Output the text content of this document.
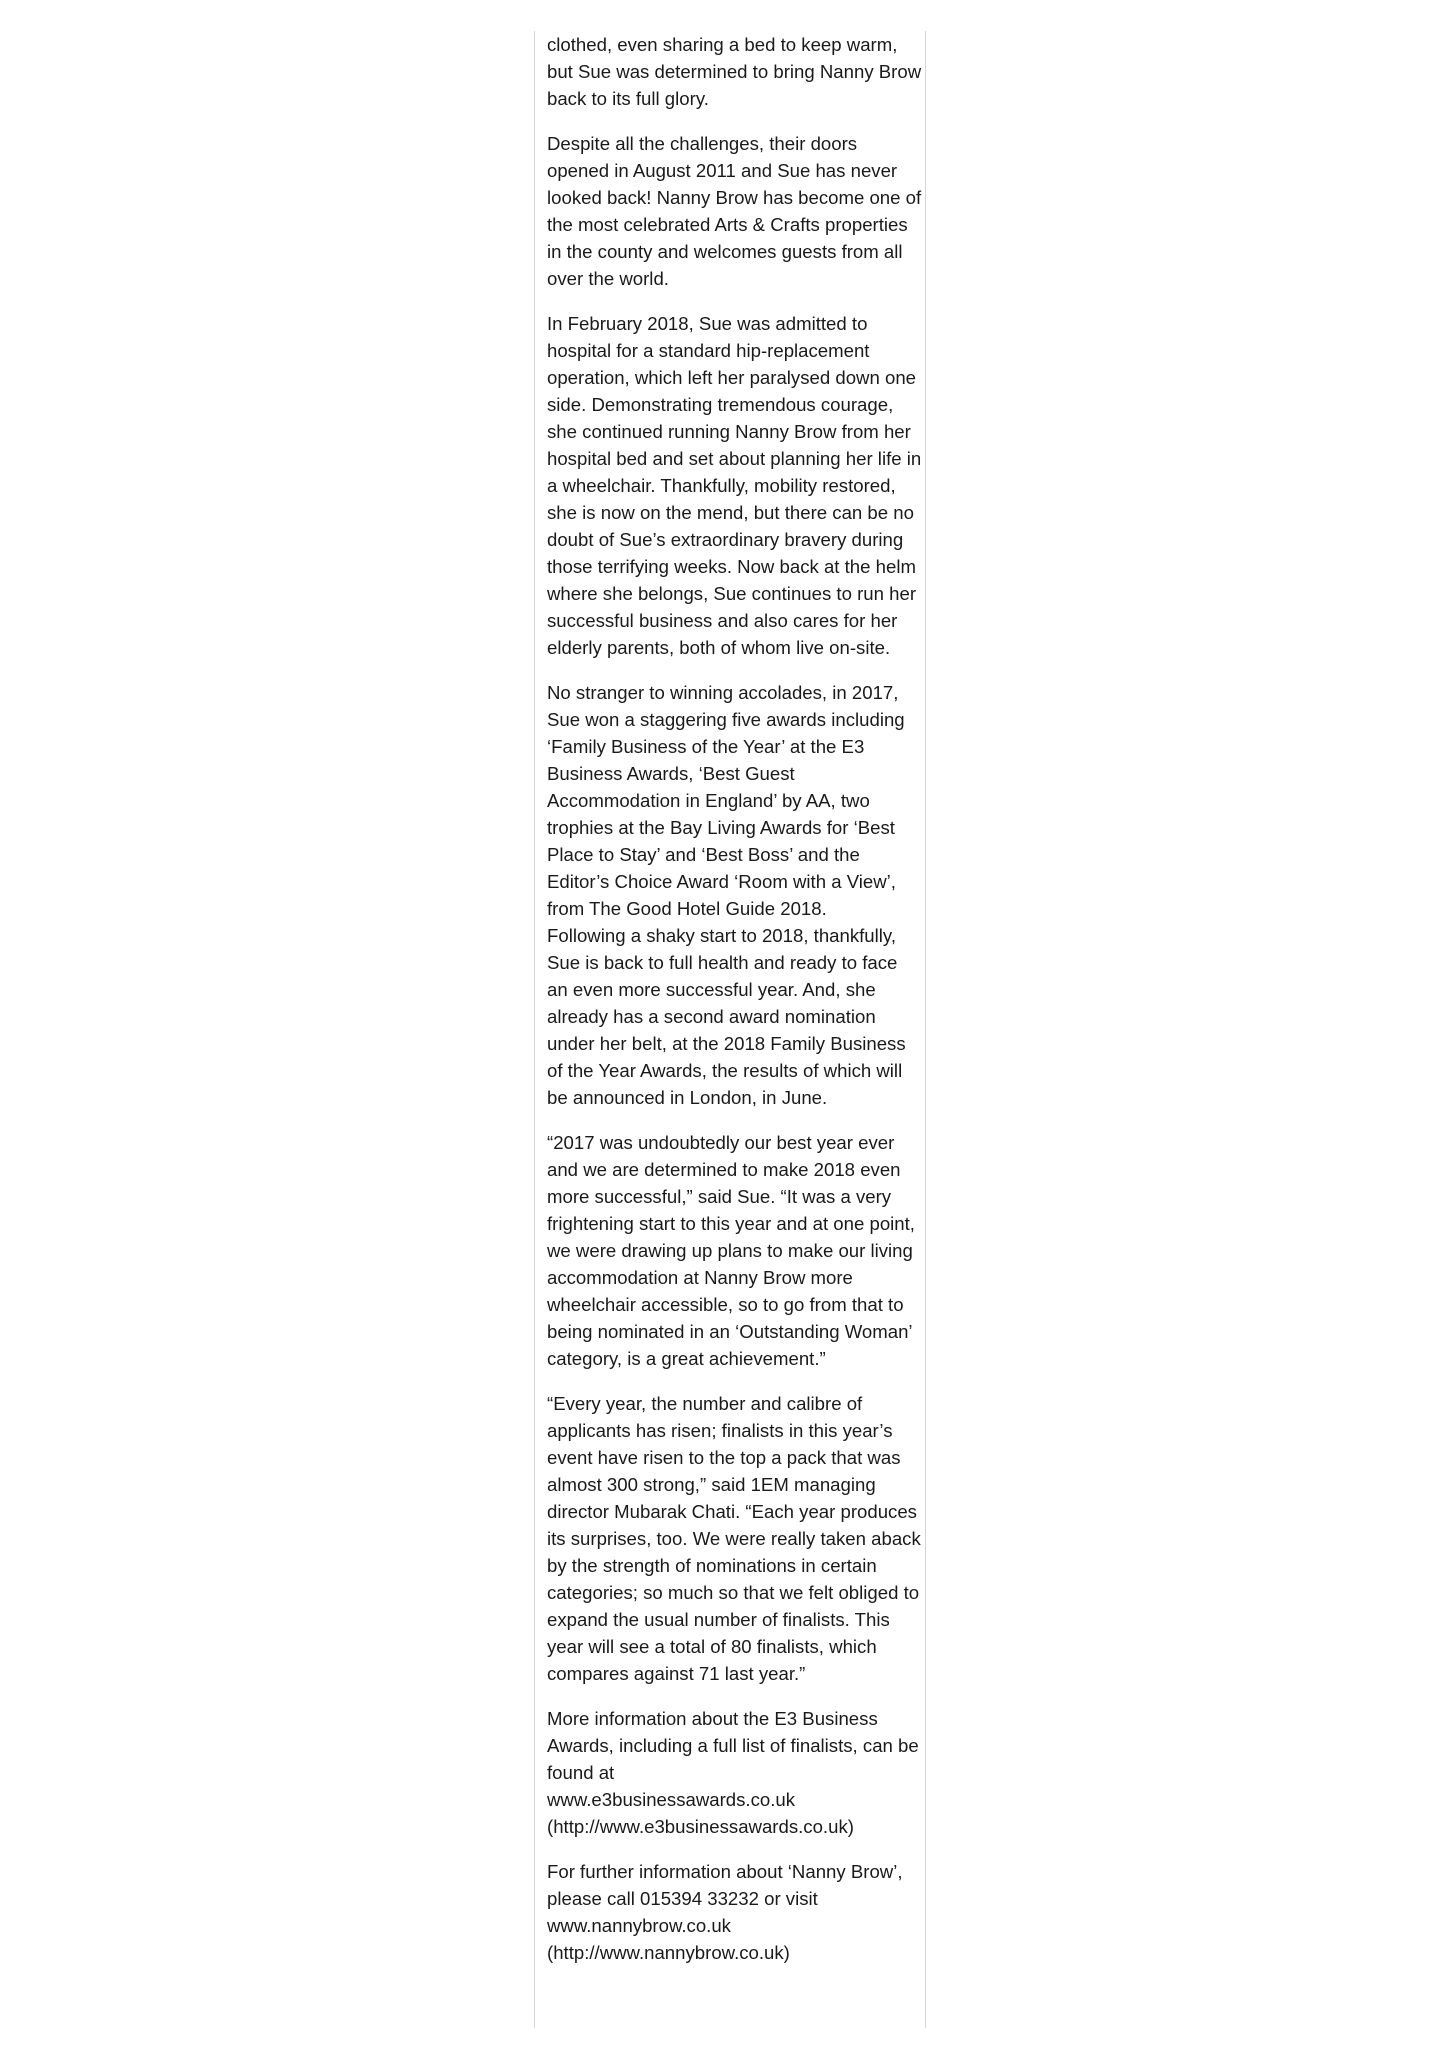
clothed, even sharing a bed to keep warm, but Sue was determined to bring Nanny Brow back to its full glory.

Despite all the challenges, their doors opened in August 2011 and Sue has never looked back! Nanny Brow has become one of the most celebrated Arts & Crafts properties in the county and welcomes guests from all over the world.

In February 2018, Sue was admitted to hospital for a standard hip-replacement operation, which left her paralysed down one side. Demonstrating tremendous courage, she continued running Nanny Brow from her hospital bed and set about planning her life in a wheelchair. Thankfully, mobility restored, she is now on the mend, but there can be no doubt of Sue’s extraordinary bravery during those terrifying weeks. Now back at the helm where she belongs, Sue continues to run her successful business and also cares for her elderly parents, both of whom live on-site.

No stranger to winning accolades, in 2017, Sue won a staggering five awards including ‘Family Business of the Year’ at the E3 Business Awards, ‘Best Guest Accommodation in England’ by AA, two trophies at the Bay Living Awards for ‘Best Place to Stay’ and ‘Best Boss’ and the Editor’s Choice Award ‘Room with a View’, from The Good Hotel Guide 2018.
Following a shaky start to 2018, thankfully, Sue is back to full health and ready to face an even more successful year. And, she already has a second award nomination under her belt, at the 2018 Family Business of the Year Awards, the results of which will be announced in London, in June.

“2017 was undoubtedly our best year ever and we are determined to make 2018 even more successful,” said Sue. “It was a very frightening start to this year and at one point, we were drawing up plans to make our living accommodation at Nanny Brow more wheelchair accessible, so to go from that to being nominated in an ‘Outstanding Woman’ category, is a great achievement.”

“Every year, the number and calibre of applicants has risen; finalists in this year’s event have risen to the top a pack that was almost 300 strong,” said 1EM managing director Mubarak Chati. “Each year produces its surprises, too. We were really taken aback by the strength of nominations in certain categories; so much so that we felt obliged to expand the usual number of finalists. This year will see a total of 80 finalists, which compares against 71 last year.”

More information about the E3 Business Awards, including a full list of finalists, can be found at
www.e3businessawards.co.uk
(http://www.e3businessawards.co.uk)

For further information about ‘Nanny Brow’, please call 015394 33232 or visit
www.nannybrow.co.uk
(http://www.nannybrow.co.uk)
